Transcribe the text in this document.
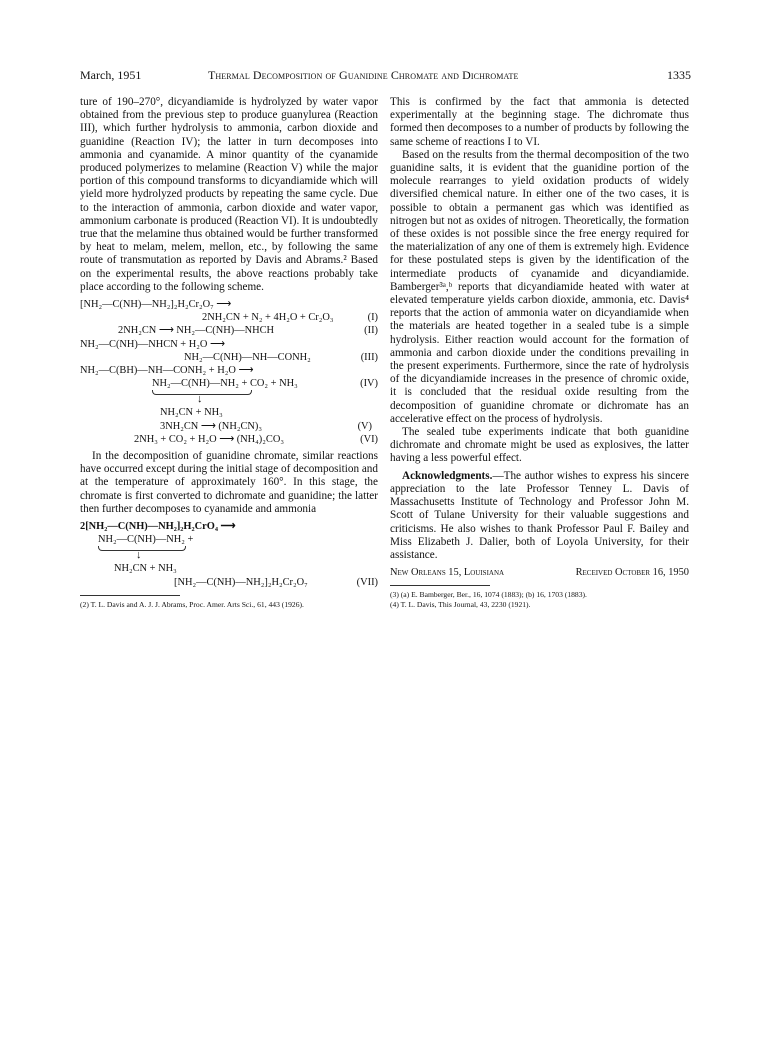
March, 1951	Thermal Decomposition of Guanidine Chromate and Dichromate	1335

ture of 190–270°, dicyandiamide is hydrolyzed by water vapor obtained from the previous step to produce guanylurea (Reaction III), which further hydrolysis to ammonia, carbon dioxide and guanidine (Reaction IV); the latter in turn decomposes into ammonia and cyanamide. A minor quantity of the cyanamide produced polymerizes to melamine (Reaction V) while the major portion of this compound transforms to dicyandiamide which will yield more hydrolyzed products by repeating the same cycle. Due to the interaction of ammonia, carbon dioxide and water vapor, ammonium carbonate is produced (Reaction VI). It is undoubtedly true that the melamine thus obtained would be further transformed by heat to melam, melem, mellon, etc., by following the same route of transmutation as reported by Davis and Abrams.² Based on the experimental results, the above reactions probably take place according to the following scheme.

[NH₂—C(NH)—NH₂]₂H₂Cr₂O₇ ⟶
2NH₂CN + N₂ + 4H₂O + Cr₂O₃	(I)
2NH₂CN ⟶ NH₂—C(NH)—NHCH	(II)
NH₂—C(NH)—NHCN + H₂O ⟶
NH₂—C(NH)—NH—CONH₂	(III)
NH₂—C(BH)—NH—CONH₂ + H₂O ⟶
NH₂—C(NH)—NH₂ + CO₂ + NH₃	(IV)
↓
NH₂CN + NH₃
3NH₂CN ⟶ (NH₂CN)₃	(V)
2NH₃ + CO₂ + H₂O ⟶ (NH₄)₂CO₃	(VI)

In the decomposition of guanidine chromate, similar reactions have occurred except during the initial stage of decomposition and at the temperature of approximately 160°. In this stage, the chromate is first converted to dichromate and guanidine; the latter then further decomposes to cyanamide and ammonia

2[NH₂—C(NH)—NH₂]₂H₂CrO₄ ⟶
NH₂—C(NH)—NH₂ +
↓
NH₂CN + NH₃
[NH₂—C(NH)—NH₂]₂H₂Cr₂O₇	(VII)

(2) T. L. Davis and A. J. J. Abrams, Proc. Amer. Arts Sci., 61, 443 (1926).

This is confirmed by the fact that ammonia is detected experimentally at the beginning stage. The dichromate thus formed then decomposes to a number of products by following the same scheme of reactions I to VI.

Based on the results from the thermal decomposition of the two guanidine salts, it is evident that the guanidine portion of the molecule rearranges to yield oxidation products of widely diversified chemical nature. In either one of the two cases, it is possible to obtain a permanent gas which was identified as nitrogen but not as oxides of nitrogen. Theoretically, the formation of these oxides is not possible since the free energy required for the materialization of any one of them is extremely high. Evidence for these postulated steps is given by the identification of the intermediate products of cyanamide and dicyandiamide. Bamberger³ᵃ,ᵇ reports that dicyandiamide heated with water at elevated temperature yields carbon dioxide, ammonia, etc. Davis⁴ reports that the action of ammonia water on dicyandiamide when the materials are heated together in a sealed tube is a simple hydrolysis. Either reaction would account for the formation of ammonia and carbon dioxide under the conditions prevailing in the present experiments. Furthermore, since the rate of hydrolysis of the dicyandiamide increases in the presence of chromic oxide, it is concluded that the residual oxide resulting from the decomposition of guanidine chromate or dichromate has an accelerative effect on the process of hydrolysis.

The sealed tube experiments indicate that both guanidine dichromate and chromate might be used as explosives, the latter having a less powerful effect.

Acknowledgments.—The author wishes to express his sincere appreciation to the late Professor Tenney L. Davis of Massachusetts Institute of Technology and Professor John M. Scott of Tulane University for their valuable suggestions and criticisms. He also wishes to thank Professor Paul F. Bailey and Miss Elizabeth J. Dalier, both of Loyola University, for their assistance.

New Orleans 15, Louisiana	Received October 16, 1950

(3) (a) E. Bamberger, Ber., 16, 1074 (1883); (b) 16, 1703 (1883).

(4) T. L. Davis, This Journal, 43, 2230 (1921).
